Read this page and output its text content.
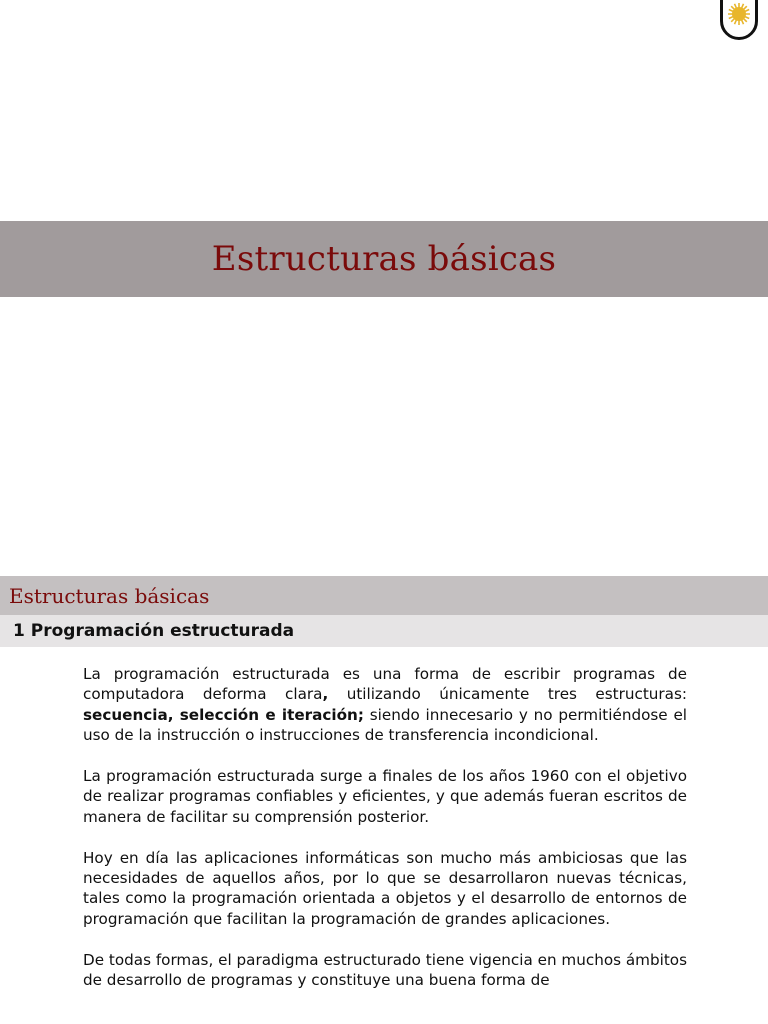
Estructuras básicas
Estructuras básicas
1 Programación estructurada

La programación estructurada es una forma de escribir programas de computadora deforma clara, utilizando únicamente tres estructuras: secuencia, selección e iteración; siendo innecesario y no permitiéndose el uso de la instrucción o instrucciones de transferencia incondicional.

La programación estructurada surge a finales de los años 1960 con el objetivo de realizar programas confiables y eficientes, y que además fueran escritos de manera de facilitar su comprensión posterior.

Hoy en día las aplicaciones informáticas son mucho más ambiciosas que las necesidades de aquellos años, por lo que se desarrollaron nuevas técnicas, tales como la programación orientada a objetos y el desarrollo de entornos de programación que facilitan la programación de grandes aplicaciones.

De todas formas, el paradigma estructurado tiene vigencia en muchos ámbitos de desarrollo de programas y constituye una buena forma de
